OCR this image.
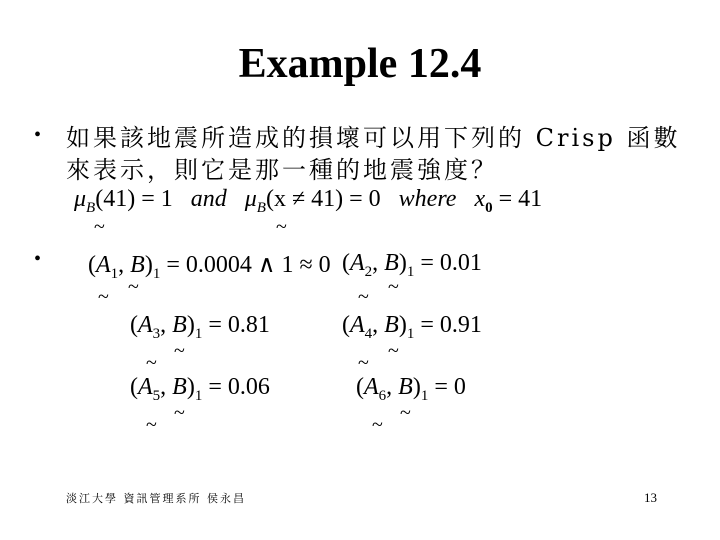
Example 12.4
• 如果該地震所造成的損壞可以用下列的 Crisp 函數
來表示，則它是那一種的地震強度？
$\mu_B(41) = 1$ and $\mu_B(x \ne 41) = 0$ where $x_0 = 41$
~	~
• ($A_1$, $B)_1 = 0.0004$ ∧ 1 ≈ 0
~ ~
($A_2$, $B)_1 = 0.01$
~ ~
($A_3$, $B)_1 = 0.81$
~
~
($A_4$, $B)_1 = 0.91$
~
~
($A_5$, $B)_1 = 0.06$
~
~
($A_6$, $B)_1 = 0$
~
~
淡江大學 資訊管理系所 侯永昌	13
